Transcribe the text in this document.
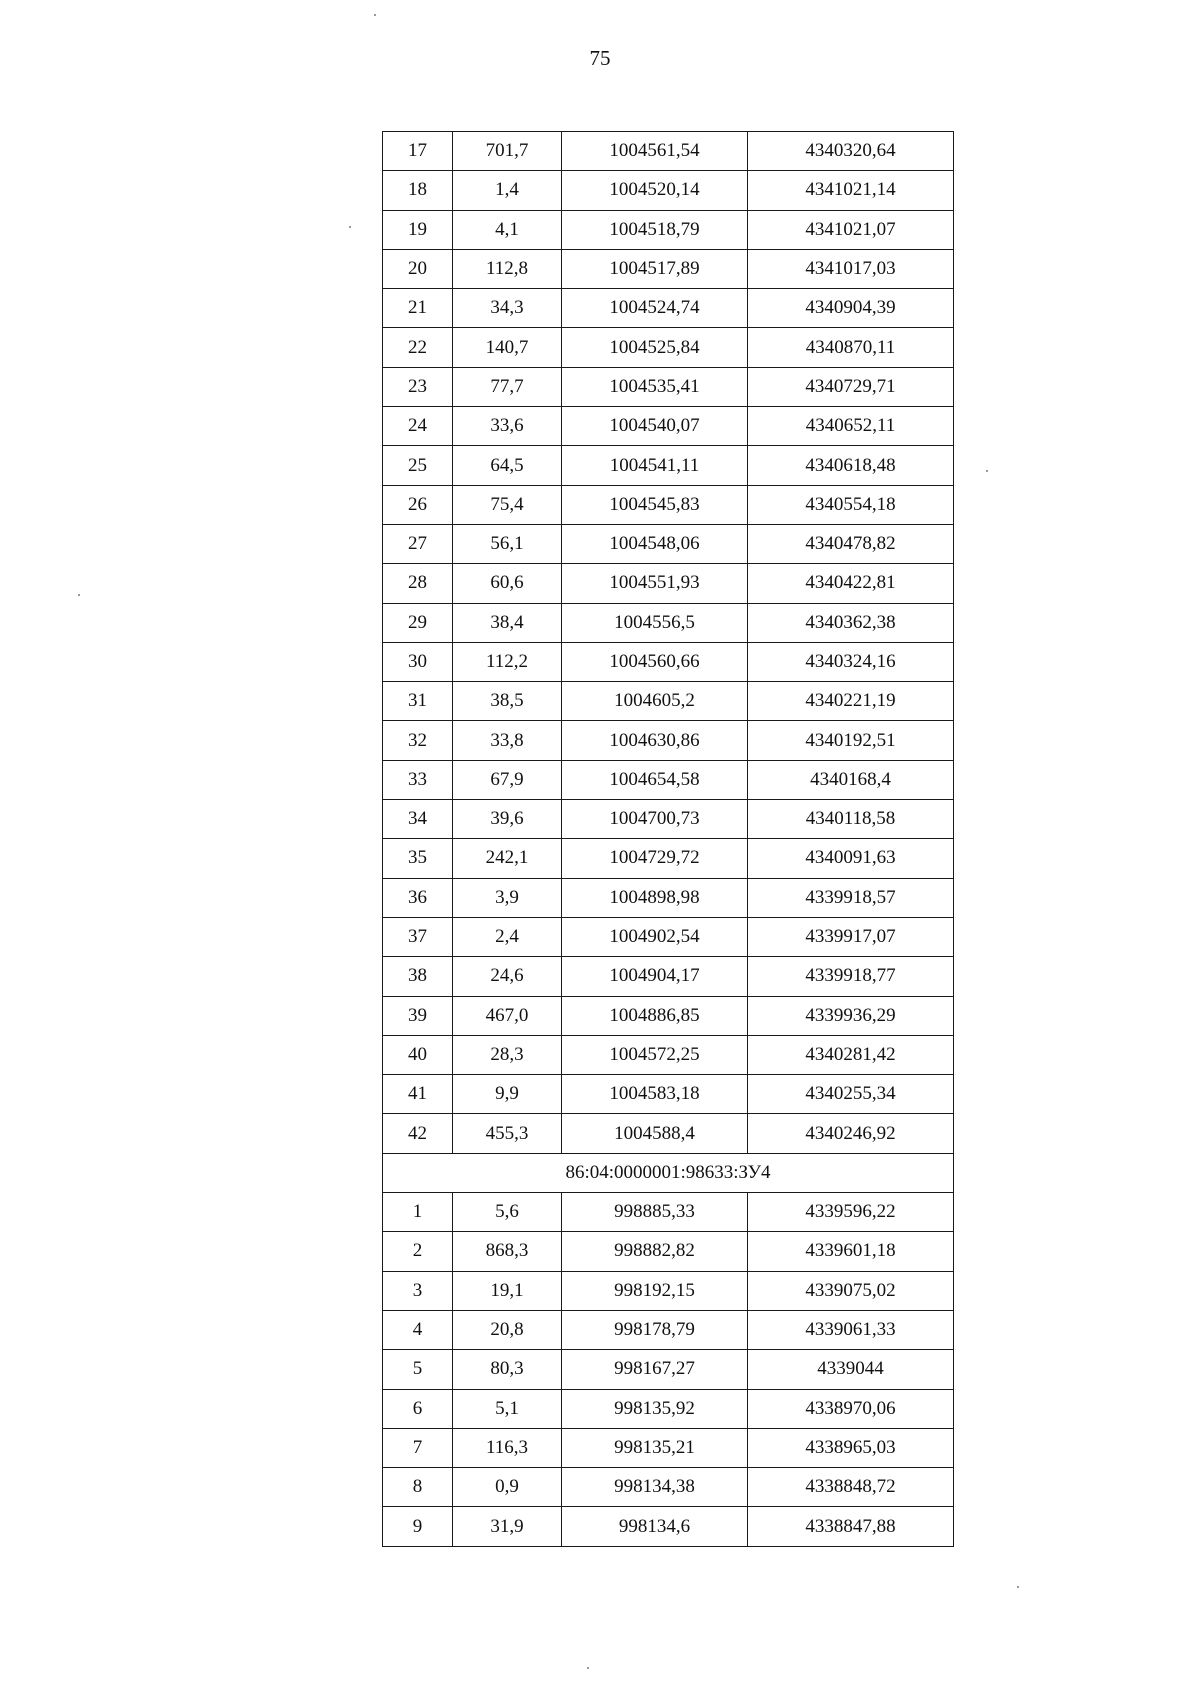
75
17	701,7	1004561,54	4340320,64
18	1,4	1004520,14	4341021,14
19	4,1	1004518,79	4341021,07
20	112,8	1004517,89	4341017,03
21	34,3	1004524,74	4340904,39
22	140,7	1004525,84	4340870,11
23	77,7	1004535,41	4340729,71
24	33,6	1004540,07	4340652,11
25	64,5	1004541,11	4340618,48
26	75,4	1004545,83	4340554,18
27	56,1	1004548,06	4340478,82
28	60,6	1004551,93	4340422,81
29	38,4	1004556,5	4340362,38
30	112,2	1004560,66	4340324,16
31	38,5	1004605,2	4340221,19
32	33,8	1004630,86	4340192,51
33	67,9	1004654,58	4340168,4
34	39,6	1004700,73	4340118,58
35	242,1	1004729,72	4340091,63
36	3,9	1004898,98	4339918,57
37	2,4	1004902,54	4339917,07
38	24,6	1004904,17	4339918,77
39	467,0	1004886,85	4339936,29
40	28,3	1004572,25	4340281,42
41	9,9	1004583,18	4340255,34
42	455,3	1004588,4	4340246,92
86:04:0000001:98633:ЗУ4			
1	5,6	998885,33	4339596,22
2	868,3	998882,82	4339601,18
3	19,1	998192,15	4339075,02
4	20,8	998178,79	4339061,33
5	80,3	998167,27	4339044
6	5,1	998135,92	4338970,06
7	116,3	998135,21	4338965,03
8	0,9	998134,38	4338848,72
9	31,9	998134,6	4338847,88
